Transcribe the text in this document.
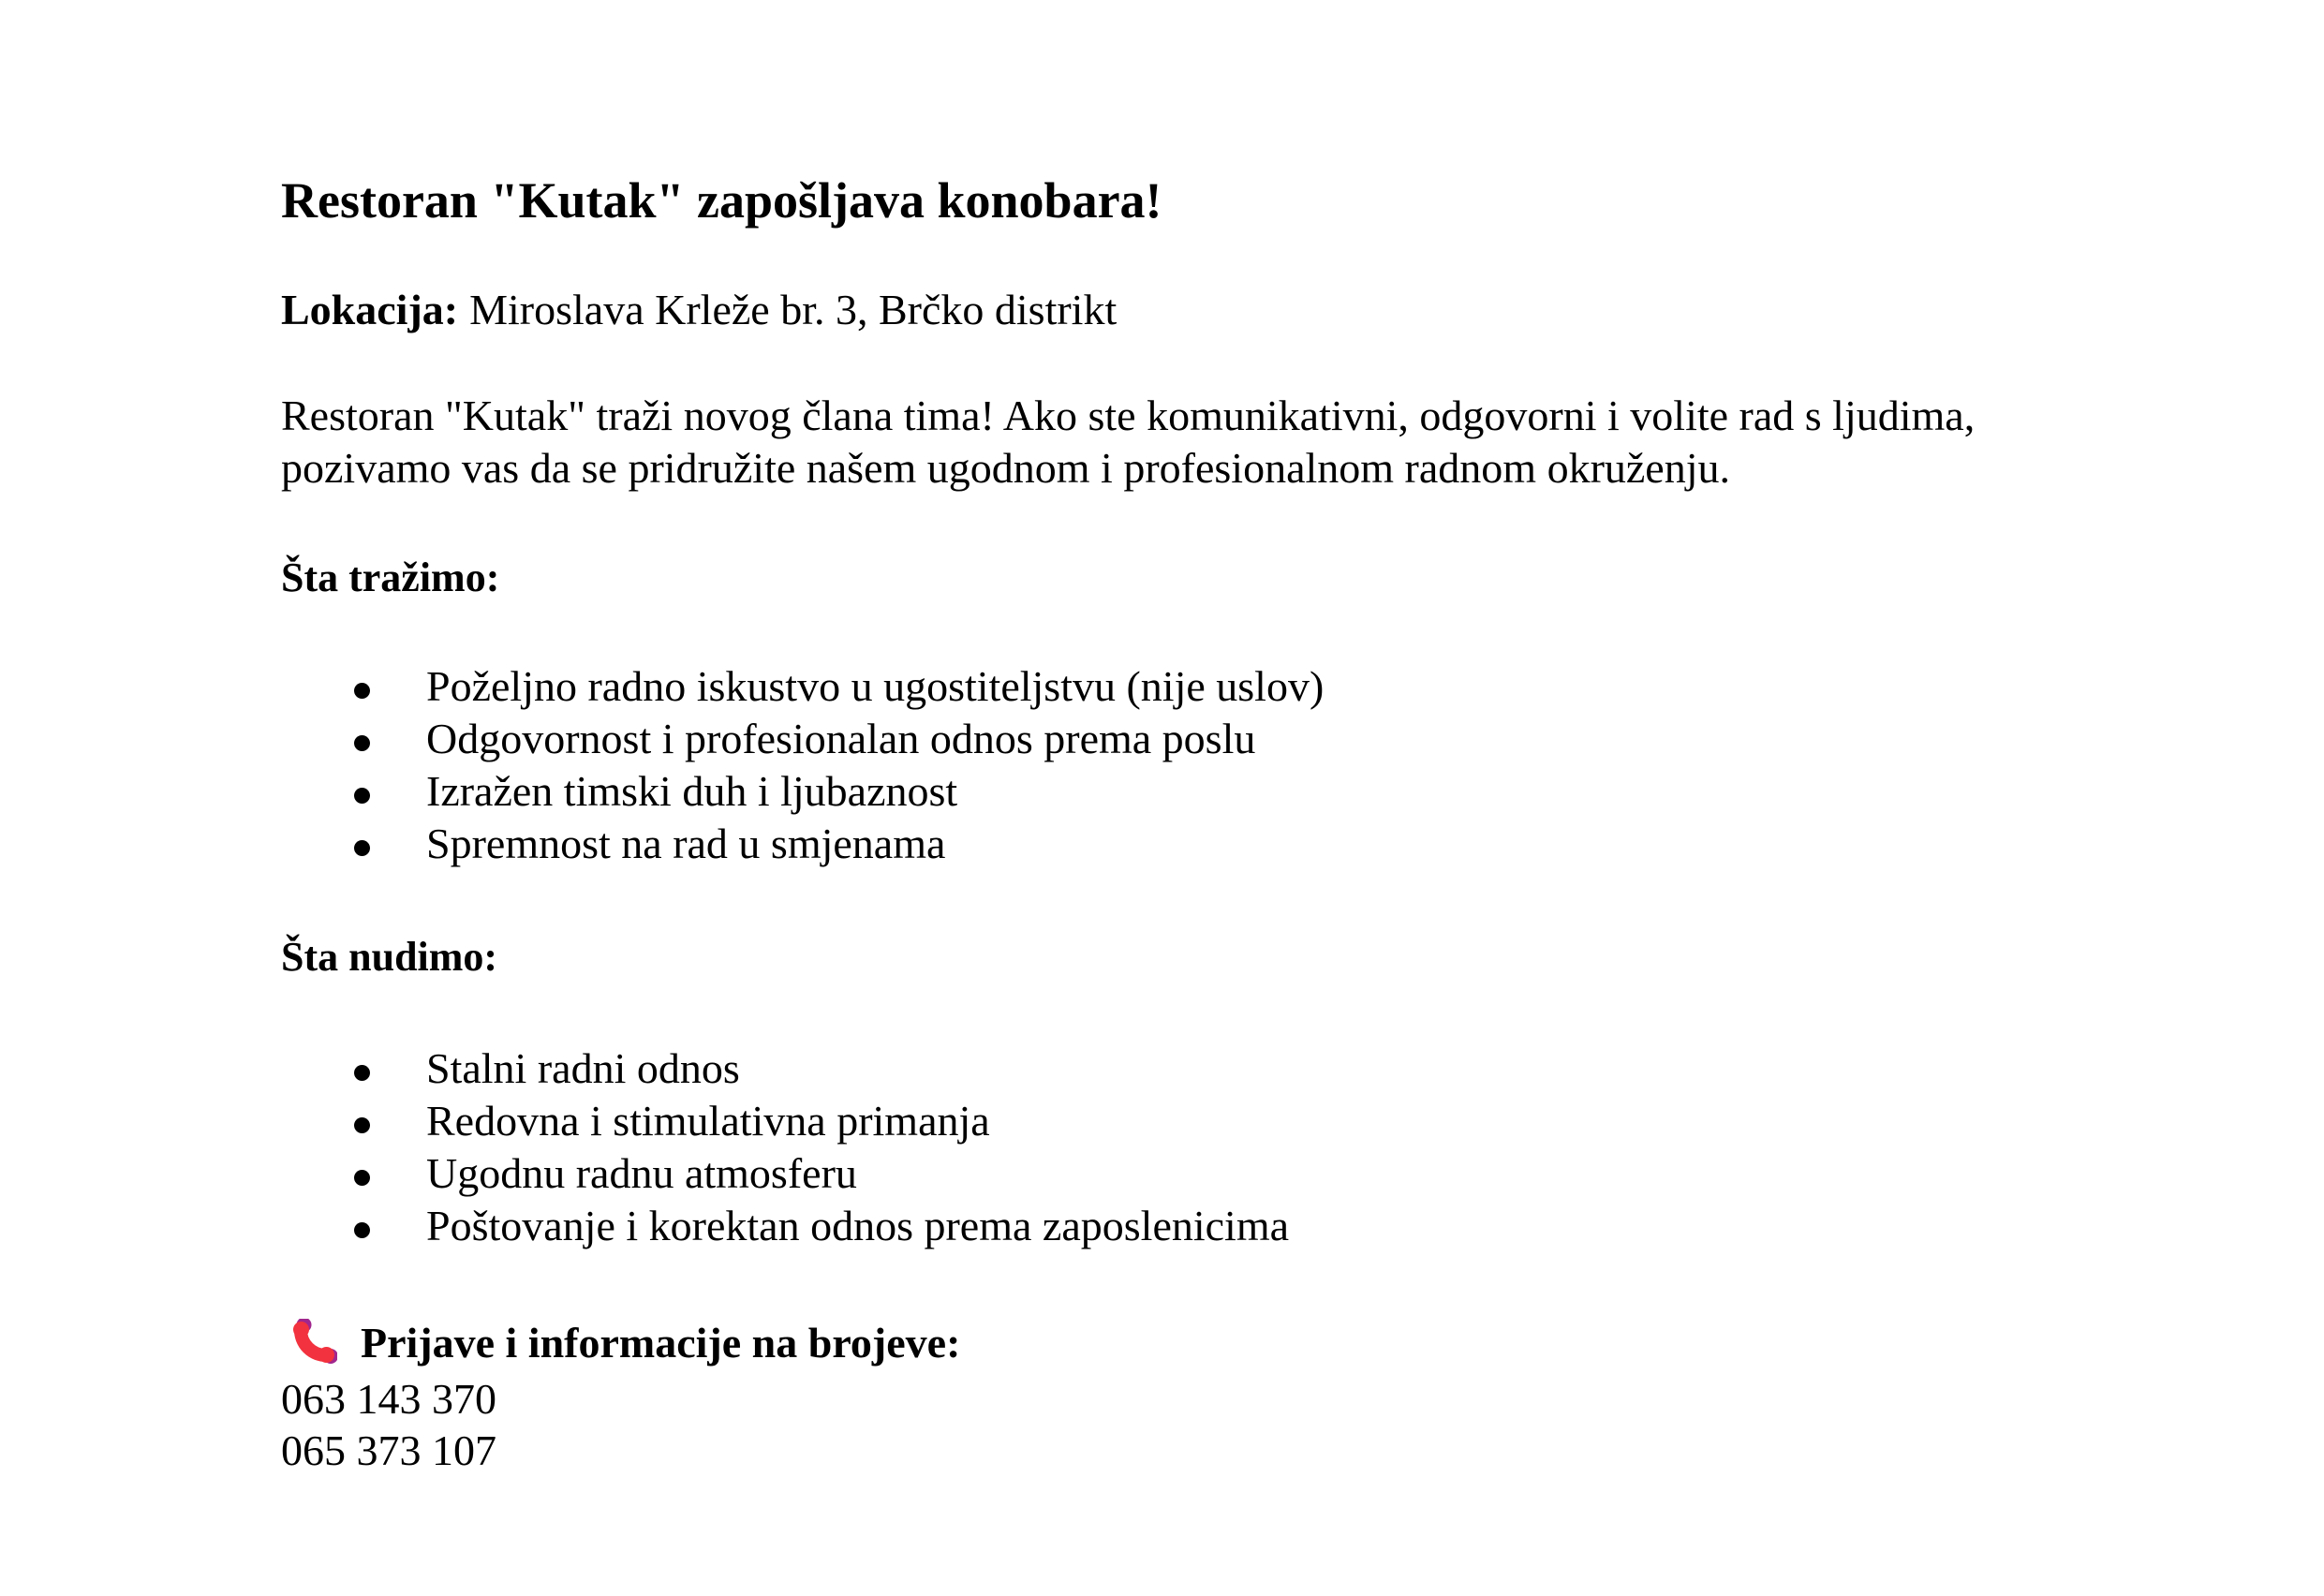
Restoran "Kutak" zapošljava konobara!
Lokacija: Miroslava Krleže br. 3, Brčko distrikt

Restoran "Kutak" traži novog člana tima! Ako ste komunikativni, odgovorni i volite rad s ljudima, pozivamo vas da se pridružite našem ugodnom i profesionalnom radnom okruženju.

Šta tražimo:
Poželjno radno iskustvo u ugostiteljstvu (nije uslov)
Odgovornost i profesionalan odnos prema poslu
Izražen timski duh i ljubaznost
Spremnost na rad u smjenama
Šta nudimo:
Stalni radni odnos
Redovna i stimulativna primanja
Ugodnu radnu atmosferu
Poštovanje i korektan odnos prema zaposlenicima
Prijave i informacije na brojeve:
063 143 370
065 373 107
